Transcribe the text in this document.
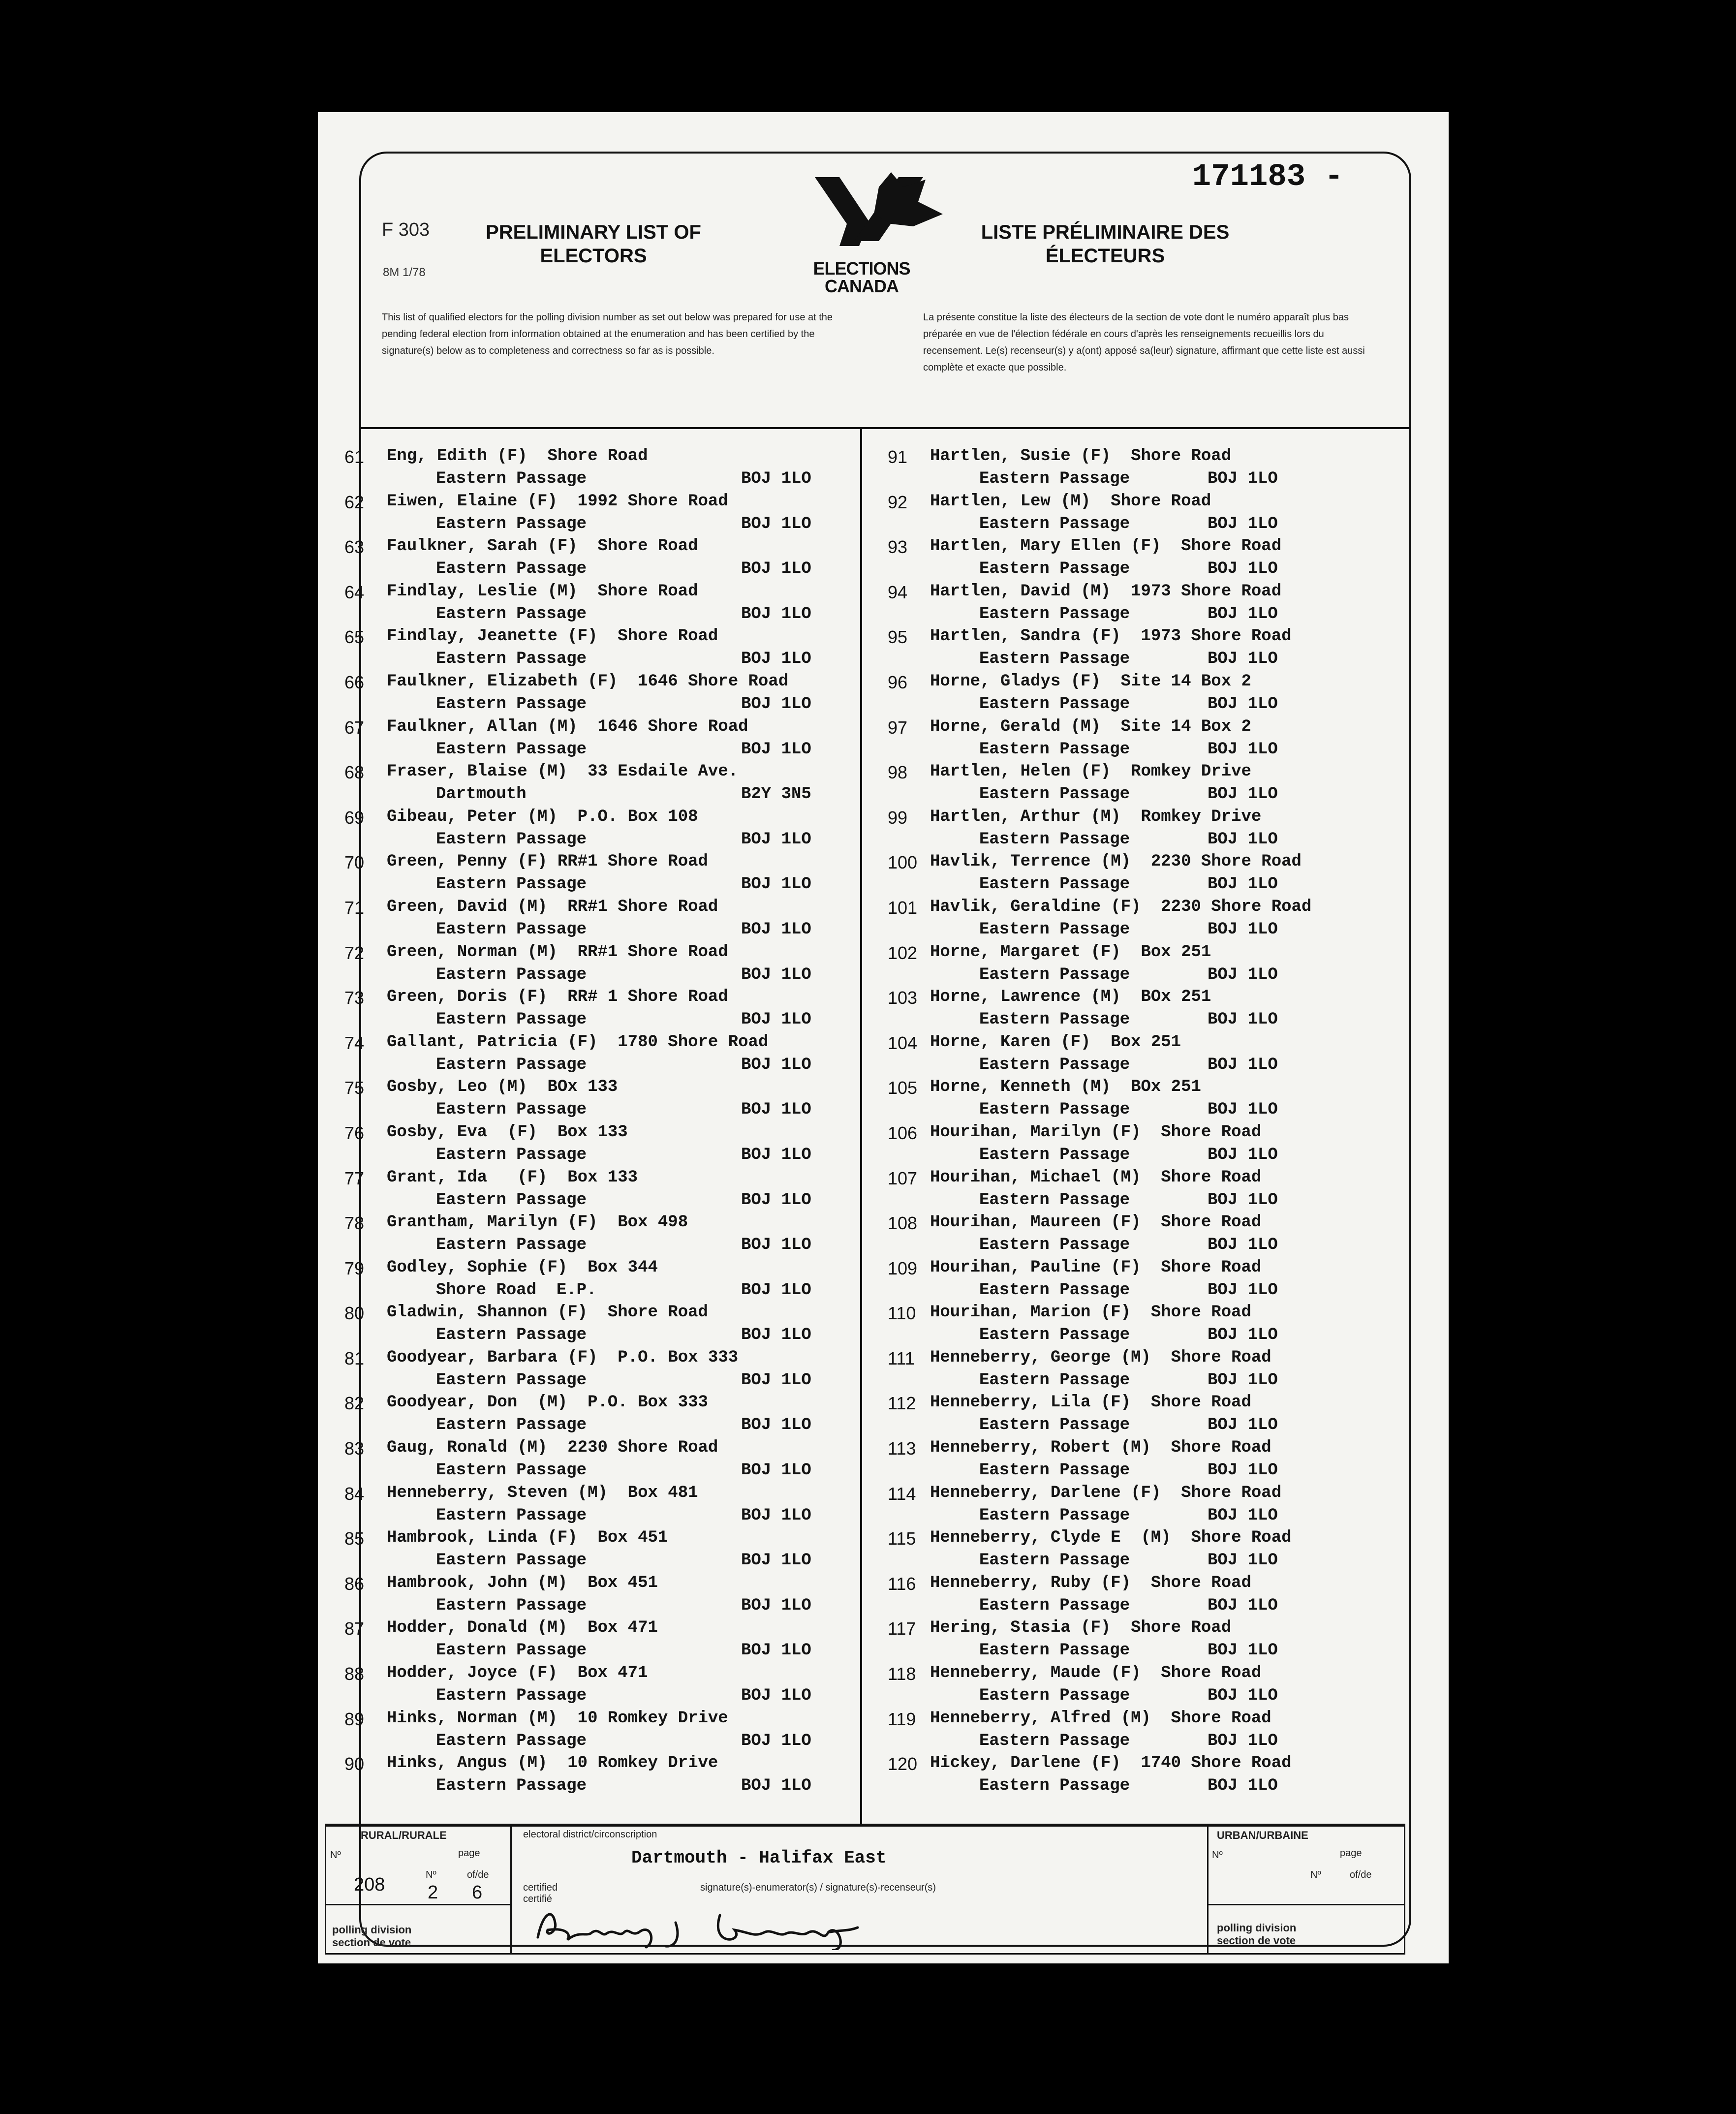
171183 -
F 303
8M 1/78
PRELIMINARY LIST OF ELECTORS
LISTE PRÉLIMINAIRE DES ÉLECTEURS
ELECTIONS
CANADA
This list of qualified electors for the polling division number as set out below was prepared for use at the pending federal election from information obtained at the enumeration and has been certified by the signature(s) below as to completeness and correctness so far as is possible.
La présente constitue la liste des électeurs de la section de vote dont le numéro apparaît plus bas préparée en vue de l'élection fédérale en cours d'après les renseignements recueillis lors du recensement. Le(s) recenseur(s) y a(ont) apposé sa(leur) signature, affirmant que cette liste est aussi complète et exacte que possible.
61 Eng, Edith (F)  Shore Road
Eastern Passage	BOJ 1LO
62 Eiwen, Elaine (F)  1992 Shore Road
Eastern Passage	BOJ 1LO
63 Faulkner, Sarah (F)  Shore Road
Eastern Passage	BOJ 1LO
64 Findlay, Leslie (M)  Shore Road
Eastern Passage	BOJ 1LO
65 Findlay, Jeanette (F)  Shore Road
Eastern Passage	BOJ 1LO
66 Faulkner, Elizabeth (F)  1646 Shore Road
Eastern Passage	BOJ 1LO
67 Faulkner, Allan (M)  1646 Shore Road
Eastern Passage	BOJ 1LO
68 Fraser, Blaise (M)  33 Esdaile Ave.
Dartmouth	B2Y 3N5
69 Gibeau, Peter (M)  P.O. Box 108
Eastern Passage	BOJ 1LO
70 Green, Penny (F) RR#1 Shore Road
Eastern Passage	BOJ 1LO
71 Green, David (M)  RR#1 Shore Road
Eastern Passage	BOJ 1LO
72 Green, Norman (M)  RR#1 Shore Road
Eastern Passage	BOJ 1LO
73 Green, Doris (F)  RR# 1 Shore Road
Eastern Passage	BOJ 1LO
74 Gallant, Patricia (F)  1780 Shore Road
Eastern Passage	BOJ 1LO
75 Gosby, Leo (M)  BOx 133
Eastern Passage	BOJ 1LO
76 Gosby, Eva  (F)  Box 133
Eastern Passage	BOJ 1LO
77 Grant, Ida   (F)  Box 133
Eastern Passage	BOJ 1LO
78 Grantham, Marilyn (F)  Box 498
Eastern Passage	BOJ 1LO
79 Godley, Sophie (F)  Box 344
Shore Road  E.P.	BOJ 1LO
80 Gladwin, Shannon (F)  Shore Road
Eastern Passage	BOJ 1LO
81 Goodyear, Barbara (F)  P.O. Box 333
Eastern Passage	BOJ 1LO
82 Goodyear, Don  (M)  P.O. Box 333
Eastern Passage	BOJ 1LO
83 Gaug, Ronald (M)  2230 Shore Road
Eastern Passage	BOJ 1LO
84 Henneberry, Steven (M)  Box 481
Eastern Passage	BOJ 1LO
85 Hambrook, Linda (F)  Box 451
Eastern Passage	BOJ 1LO
86 Hambrook, John (M)  Box 451
Eastern Passage	BOJ 1LO
87 Hodder, Donald (M)  Box 471
Eastern Passage	BOJ 1LO
88 Hodder, Joyce (F)  Box 471
Eastern Passage	BOJ 1LO
89 Hinks, Norman (M)  10 Romkey Drive
Eastern Passage	BOJ 1LO
90 Hinks, Angus (M)  10 Romkey Drive
Eastern Passage	BOJ 1LO
91 Hartlen, Susie (F)  Shore Road
Eastern Passage	BOJ 1LO
92 Hartlen, Lew (M)  Shore Road
Eastern Passage	BOJ 1LO
93 Hartlen, Mary Ellen (F)  Shore Road
Eastern Passage	BOJ 1LO
94 Hartlen, David (M)  1973 Shore Road
Eastern Passage	BOJ 1LO
95 Hartlen, Sandra (F)  1973 Shore Road
Eastern Passage	BOJ 1LO
96 Horne, Gladys (F)  Site 14 Box 2
Eastern Passage	BOJ 1LO
97 Horne, Gerald (M)  Site 14 Box 2
Eastern Passage	BOJ 1LO
98 Hartlen, Helen (F)  Romkey Drive
Eastern Passage	BOJ 1LO
99 Hartlen, Arthur (M)  Romkey Drive
Eastern Passage	BOJ 1LO
100 Havlik, Terrence (M)  2230 Shore Road
Eastern Passage	BOJ 1LO
101 Havlik, Geraldine (F)  2230 Shore Road
Eastern Passage	BOJ 1LO
102 Horne, Margaret (F)  Box 251
Eastern Passage	BOJ 1LO
103 Horne, Lawrence (M)  BOx 251
Eastern Passage	BOJ 1LO
104 Horne, Karen (F)  Box 251
Eastern Passage	BOJ 1LO
105 Horne, Kenneth (M)  BOx 251
Eastern Passage	BOJ 1LO
106 Hourihan, Marilyn (F)  Shore Road
Eastern Passage	BOJ 1LO
107 Hourihan, Michael (M)  Shore Road
Eastern Passage	BOJ 1LO
108 Hourihan, Maureen (F)  Shore Road
Eastern Passage	BOJ 1LO
109 Hourihan, Pauline (F)  Shore Road
Eastern Passage	BOJ 1LO
110 Hourihan, Marion (F)  Shore Road
Eastern Passage	BOJ 1LO
111 Henneberry, George (M)  Shore Road
Eastern Passage	BOJ 1LO
112 Henneberry, Lila (F)  Shore Road
Eastern Passage	BOJ 1LO
113 Henneberry, Robert (M)  Shore Road
Eastern Passage	BOJ 1LO
114 Henneberry, Darlene (F)  Shore Road
Eastern Passage	BOJ 1LO
115 Henneberry, Clyde E  (M)  Shore Road
Eastern Passage	BOJ 1LO
116 Henneberry, Ruby (F)  Shore Road
Eastern Passage	BOJ 1LO
117 Hering, Stasia (F)  Shore Road
Eastern Passage	BOJ 1LO
118 Henneberry, Maude (F)  Shore Road
Eastern Passage	BOJ 1LO
119 Henneberry, Alfred (M)  Shore Road
Eastern Passage	BOJ 1LO
120 Hickey, Darlene (F)  1740 Shore Road
Eastern Passage	BOJ 1LO
RURAL/RURALE
Nº	page
208	Nº
2
of/de
6
polling division
section de vote
electoral district/circonscription
Dartmouth - Halifax East
certified certifié
signature(s)-enumerator(s) / signature(s)-recenseur(s)
URBAN/URBAINE
Nº	page
Nº	of/de
polling division
section de vote
